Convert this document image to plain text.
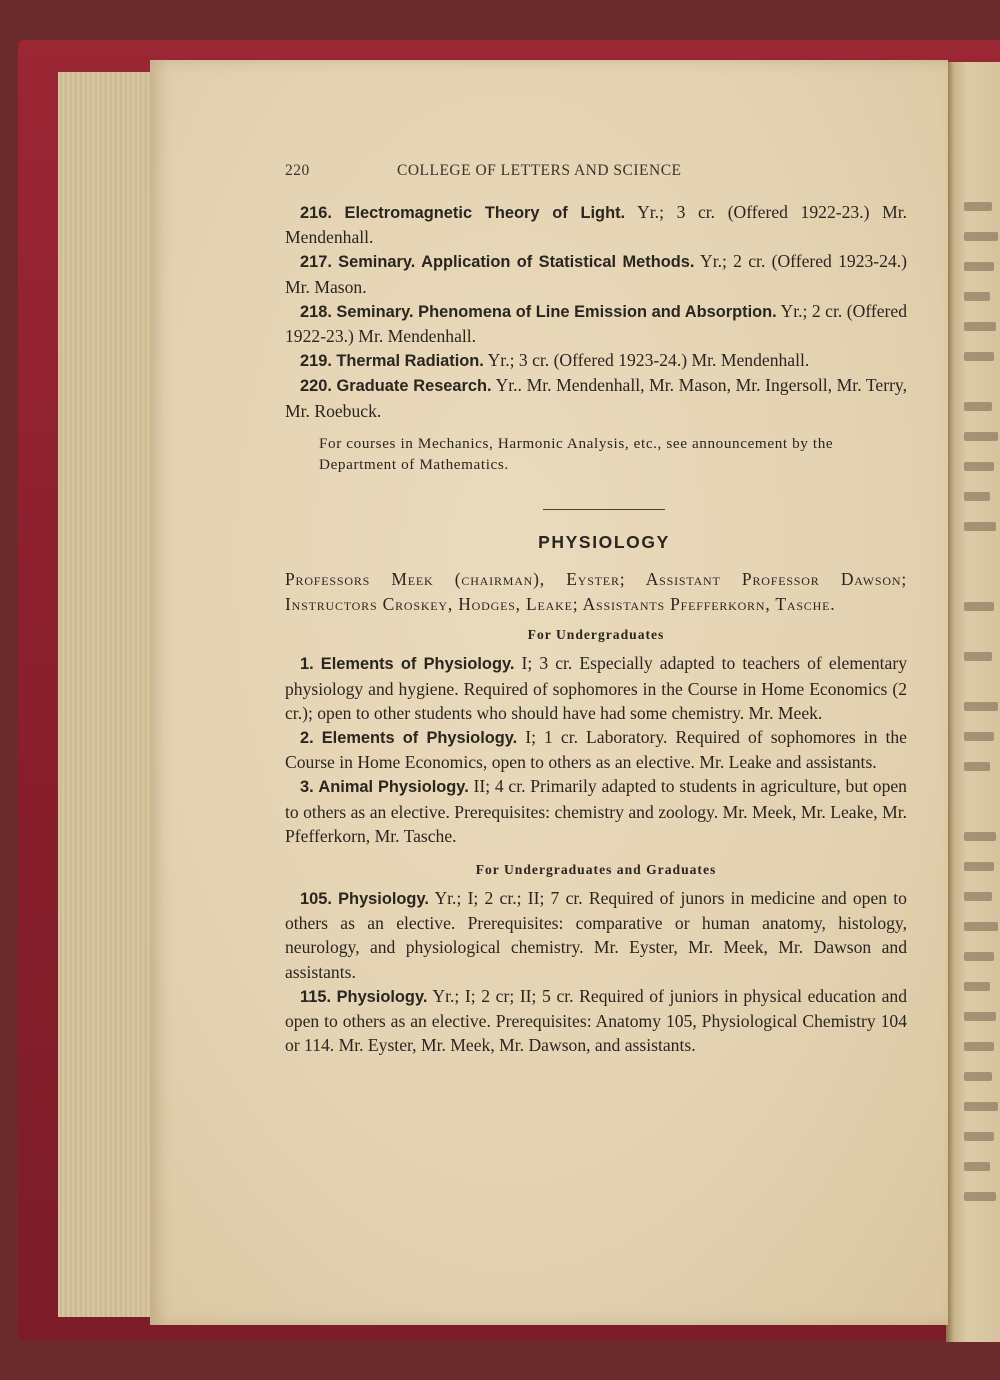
220	COLLEGE OF LETTERS AND SCIENCE

216. Electromagnetic Theory of Light. Yr.; 3 cr. (Offered 1922-23.) Mr. Mendenhall.

217. Seminary. Application of Statistical Methods. Yr.; 2 cr. (Offered 1923-24.) Mr. Mason.

218. Seminary. Phenomena of Line Emission and Absorption. Yr.; 2 cr. (Offered 1922-23.) Mr. Mendenhall.

219. Thermal Radiation. Yr.; 3 cr. (Offered 1923-24.) Mr. Mendenhall.

220. Graduate Research. Yr.. Mr. Mendenhall, Mr. Mason, Mr. Ingersoll, Mr. Terry, Mr. Roebuck.

For courses in Mechanics, Harmonic Analysis, etc., see announcement by the Department of Mathematics.

PHYSIOLOGY
Professors Meek (chairman), Eyster; Assistant Professor Dawson; Instructors Croskey, Hodges, Leake; Assistants Pfefferkorn, Tasche.
For Undergraduates

1. Elements of Physiology. I; 3 cr. Especially adapted to teachers of elementary physiology and hygiene. Required of sophomores in the Course in Home Economics (2 cr.); open to other students who should have had some chemistry. Mr. Meek.

2. Elements of Physiology. I; 1 cr. Laboratory. Required of sophomores in the Course in Home Economics, open to others as an elective. Mr. Leake and assistants.

3. Animal Physiology. II; 4 cr. Primarily adapted to students in agriculture, but open to others as an elective. Prerequisites: chemistry and zoology. Mr. Meek, Mr. Leake, Mr. Pfefferkorn, Mr. Tasche.

For Undergraduates and Graduates

105. Physiology. Yr.; I; 2 cr.; II; 7 cr. Required of junors in medicine and open to others as an elective. Prerequisites: comparative or human anatomy, histology, neurology, and physiological chemistry. Mr. Eyster, Mr. Meek, Mr. Dawson and assistants.

115. Physiology. Yr.; I; 2 cr; II; 5 cr. Required of juniors in physical education and open to others as an elective. Prerequisites: Anatomy 105, Physiological Chemistry 104 or 114. Mr. Eyster, Mr. Meek, Mr. Dawson, and assistants.
